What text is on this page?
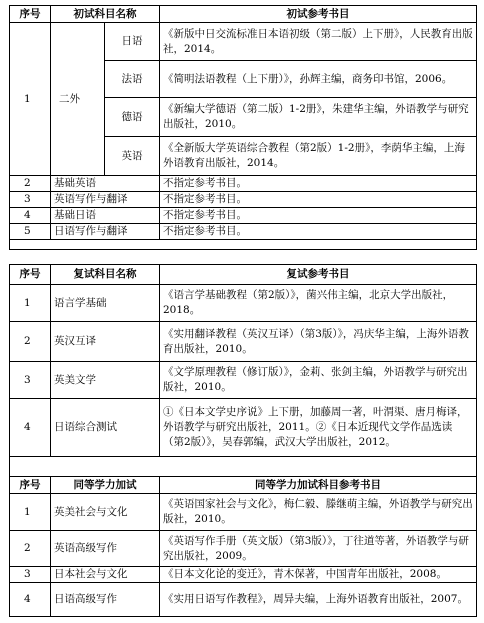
序号	初试科目名称		初试参考书目
1	二外	日语	《新版中日交流标准日本语初级（第二版）上下册》，人民教育出版社，2014。
		法语	《简明法语教程（上下册）》，孙辉主编，商务印书馆，2006。
		德语	《新编大学德语（第二版）1-2册》，朱建华主编，外语教学与研究出版社，2010。
		英语	《全新版大学英语综合教程（第2版）1-2册》，李荫华主编，上海外语教育出版社，2014。
2	基础英语		不指定参考书目。
3	英语写作与翻译		不指定参考书目。
4	基础日语		不指定参考书目。
5	日语写作与翻译		不指定参考书目。

序号	复试科目名称	复试参考书目
1	语言学基础	《语言学基础教程（第2版）》，菌兴伟主编，北京大学出版社，2018。
2	英汉互译	《实用翻译教程（英汉互译）（第3版）》，冯庆华主编，上海外语教育出版社，2010。
3	英美文学	《文学原理教程（修订版）》，金莉、张剑主编，外语教学与研究出版社，2010。
4	日语综合测试	①《日本文学史序说》上下册，加藤周一著，叶渭渠、唐月梅译，外语教学与研究出版社，2011。②《日本近现代文学作品选读（第2版）》，吴春郭编，武汉大学出版社，2012。

序号	同等学力加试	同等学力加试科目参考书目
1	英美社会与文化	《英语国家社会与文化》，梅仁毅、滕继萌主编，外语教学与研究出版社，2010。
2	英语高级写作	《英语写作手册（英文版）（第3版）》，丁往道等著，外语教学与研究出版社，2009。
3	日本社会与文化	《日本文化论的变迁》，青木保著，中国青年出版社，2008。
4	日语高级写作	《实用日语写作教程》，周异夫编，上海外语教育出版社，2007。
